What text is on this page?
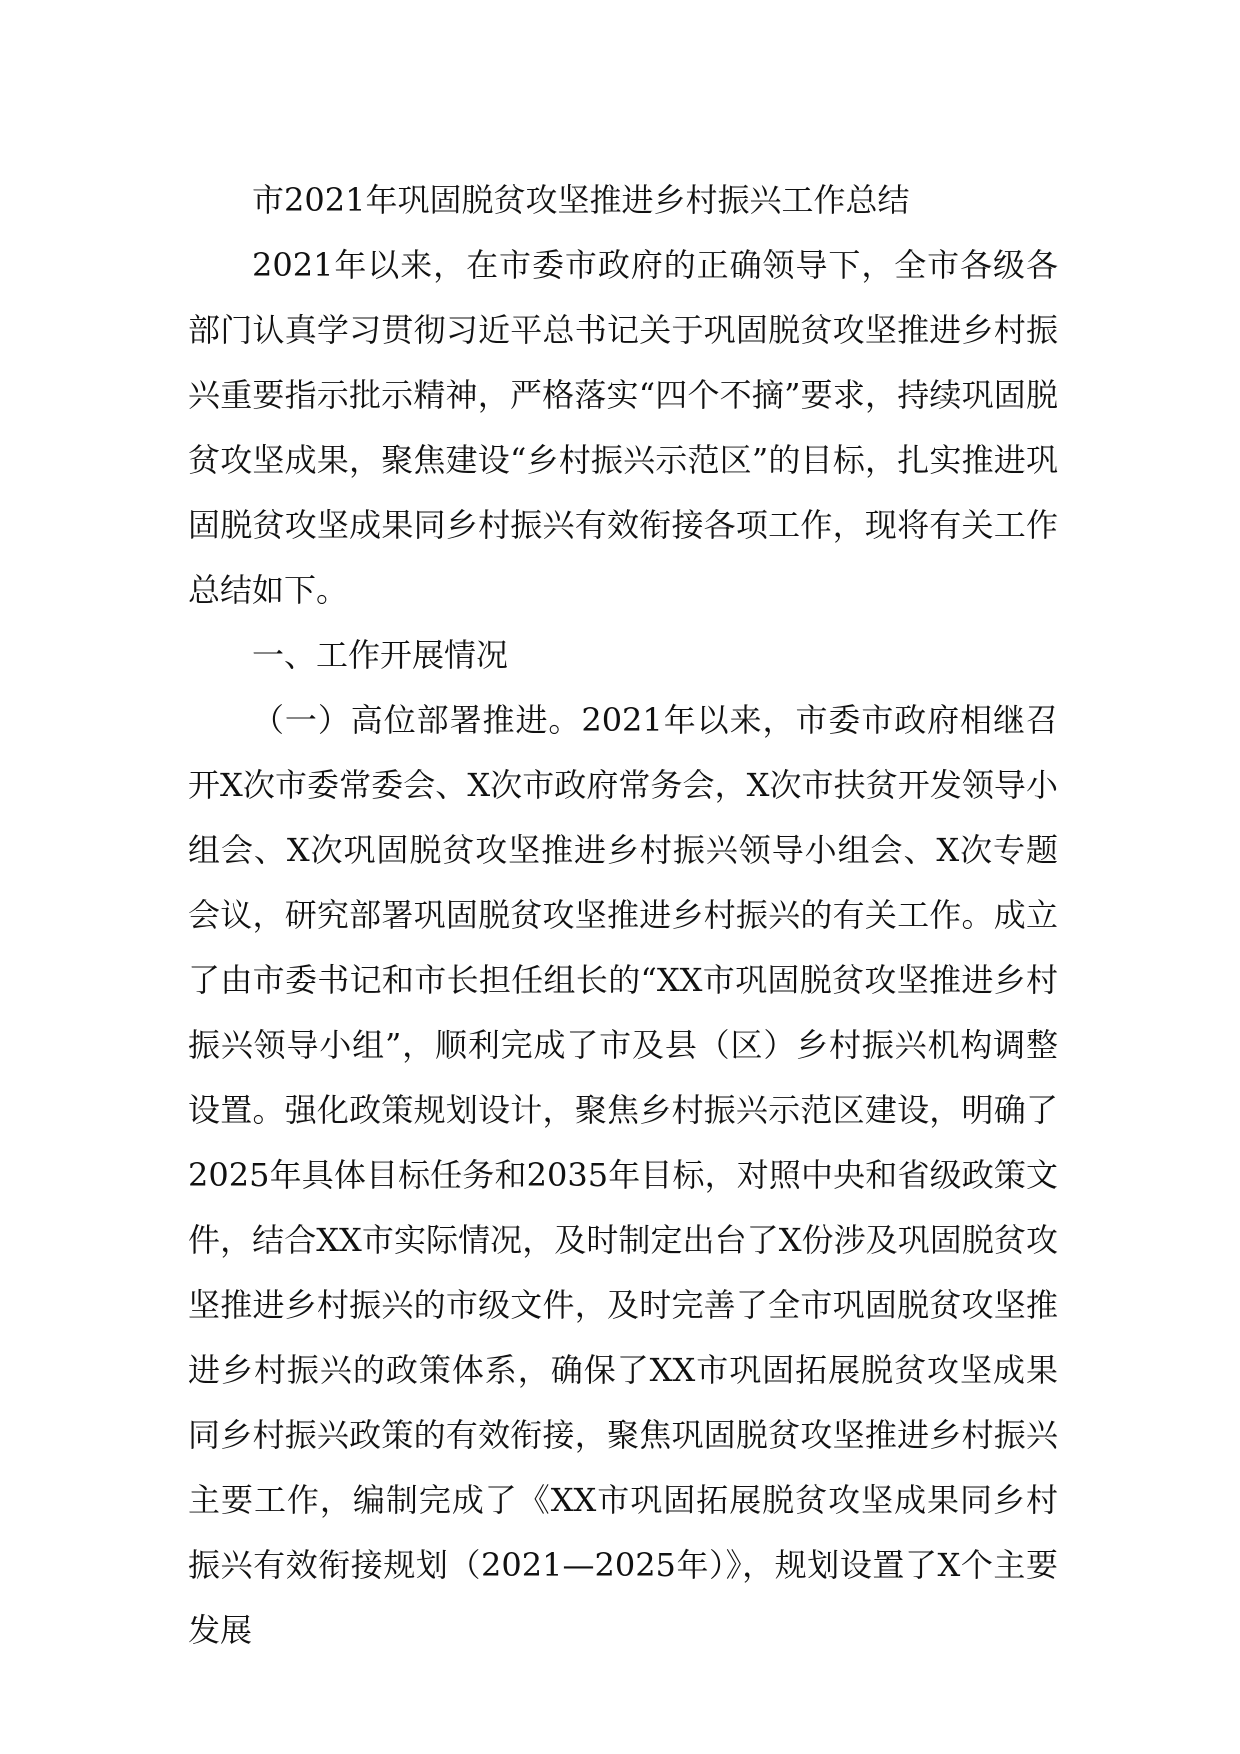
市2021年巩固脱贫攻坚推进乡村振兴工作总结

2021年以来，在市委市政府的正确领导下，全市各级各部门认真学习贯彻习近平总书记关于巩固脱贫攻坚推进乡村振兴重要指示批示精神，严格落实“四个不摘”要求，持续巩固脱贫攻坚成果，聚焦建设“乡村振兴示范区”的目标，扎实推进巩固脱贫攻坚成果同乡村振兴有效衔接各项工作，现将有关工作总结如下。

一、工作开展情况

（一）高位部署推进。2021年以来，市委市政府相继召开X次市委常委会、X次市政府常务会，X次市扶贫开发领导小组会、X次巩固脱贫攻坚推进乡村振兴领导小组会、X次专题会议，研究部署巩固脱贫攻坚推进乡村振兴的有关工作。成立了由市委书记和市长担任组长的“XX市巩固脱贫攻坚推进乡村振兴领导小组”，顺利完成了市及县（区）乡村振兴机构调整设置。强化政策规划设计，聚焦乡村振兴示范区建设，明确了2025年具体目标任务和2035年目标，对照中央和省级政策文件，结合XX市实际情况，及时制定出台了X份涉及巩固脱贫攻坚推进乡村振兴的市级文件，及时完善了全市巩固脱贫攻坚推进乡村振兴的政策体系，确保了XX市巩固拓展脱贫攻坚成果同乡村振兴政策的有效衔接，聚焦巩固脱贫攻坚推进乡村振兴主要工作，编制完成了《XX市巩固拓展脱贫攻坚成果同乡村振兴有效衔接规划（2021—2025年）》，规划设置了X个主要发展
